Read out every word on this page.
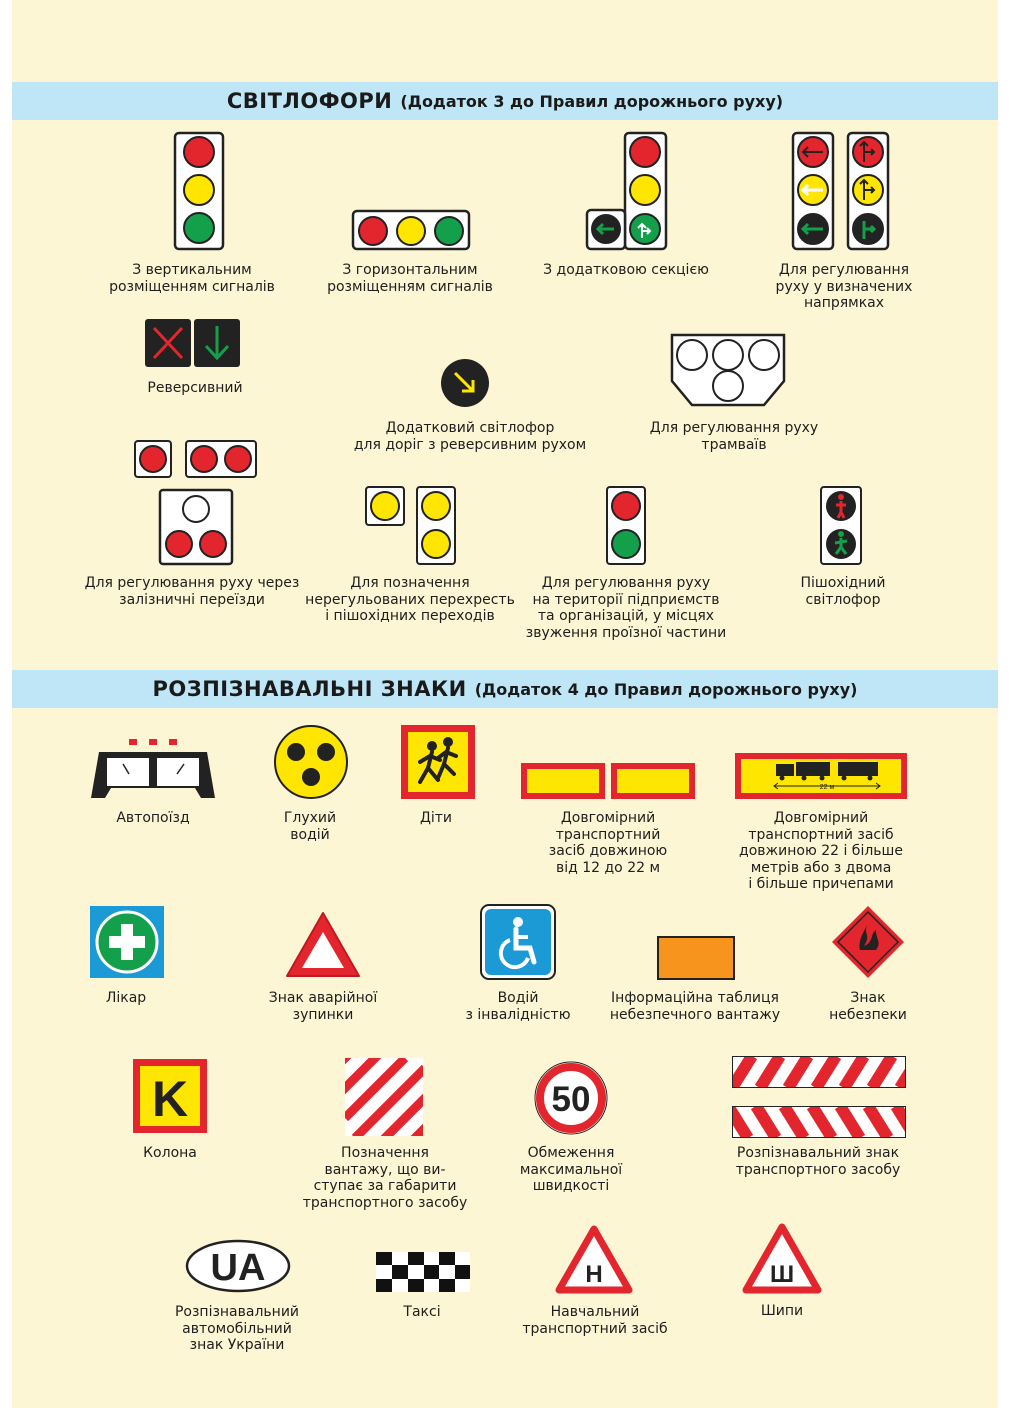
СВІТЛОФОРИ (Додаток 3 до Правил дорожнього руху)
З вертикальним
розміщенням сигналів
З горизонтальним
розміщенням сигналів
З додатковою секцією	Для регулювання
руху у визначених
напрямках
Реверсивний
Додатковий світлофор
для доріг з реверсивним рухом
Для регулювання руху
трамваїв
Для регулювання руху через
залізничні переїзди
Для позначення
нерегульованих перехресть
і пішохідних переходів
Для регулювання руху
на території підприємств
та організацій, у місцях
звуження проїзної частини
Пішохідний
світлофор
РОЗПІЗНАВАЛЬНІ ЗНАКИ (Додаток 4 до Правил дорожнього руху)
Автопоїзд	Глухий
водій
Діти	Довгомірний
транспортний
засіб довжиною
від 12 до 22 м
22 м
Довгомірний
транспортний засіб
довжиною 22 і більше
метрів або з двома
і більше причепами
Лікар	Знак аварійної
зупинки
Водій
з інвалідністю
Інформаційна таблиця
небезпечного вантажу
Знак
небезпеки
K
Колона	Позначення
вантажу, що ви-
ступає за габарити
транспортного засобу
50
Обмеження
максимальної
швидкості
Розпізнавальний знак
транспортного засобу
UA
Розпізнавальний
автомобільний
знак України
Таксі
Н
Навчальний
транспортний засіб
Ш
Шипи
